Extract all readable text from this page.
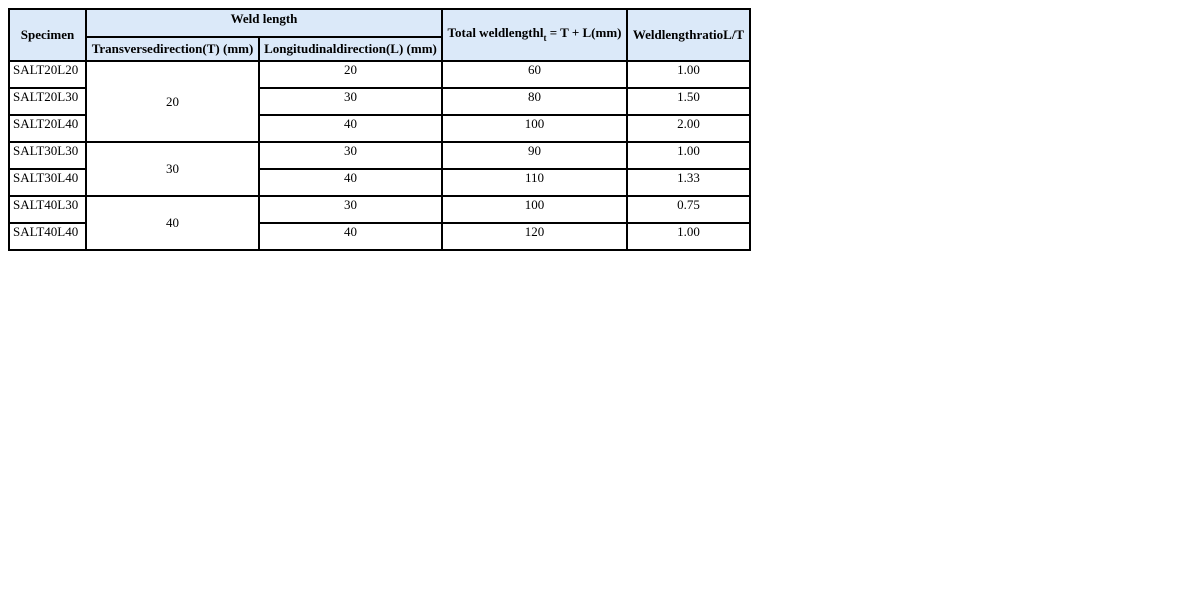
Specimen	Weld length		Total weldlengthl$_t$ = T + L(mm)	WeldlengthratioL/T
	Transversedirection(T) (mm)	Longitudinaldirection(L) (mm)		
SALT20L20	20	20	60	1.00
SALT20L30		30	80	1.50
SALT20L40		40	100	2.00
SALT30L30	30	30	90	1.00
SALT30L40		40	110	1.33
SALT40L30	40	30	100	0.75
SALT40L40		40	120	1.00
